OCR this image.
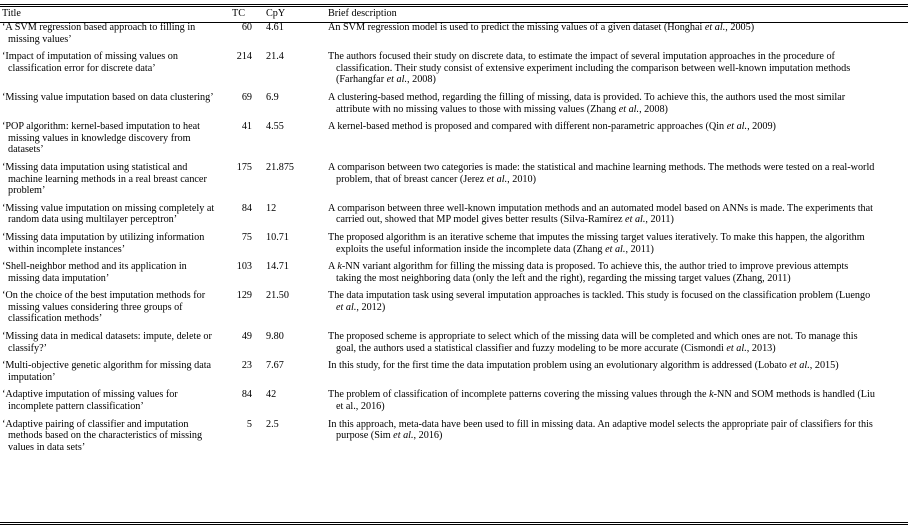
Title	TC		CpY	Brief description

‘A SVM regression based approach to filling in missing values’	60		4.61	An SVM regression model is used to predict the missing values of a given dataset (Honghai et al., 2005)

‘Impact of imputation of missing values on classification error for discrete data’	214		21.4	The authors focused their study on discrete data, to estimate the impact of several imputation approaches in the procedure of classification. Their study consist of extensive experiment including the comparison between well-known imputation methods (Farhangfar et al., 2008)

‘Missing value imputation based on data clustering’	69		6.9	A clustering-based method, regarding the filling of missing, data is provided. To achieve this, the authors used the most similar attribute with no missing values to those with missing values (Zhang et al., 2008)

‘POP algorithm: kernel-based imputation to heat missing values in knowledge discovery from datasets’	41		4.55	A kernel-based method is proposed and compared with different non-parametric approaches (Qin et al., 2009)

‘Missing data imputation using statistical and machine learning methods in a real breast cancer problem’	175		21.875	A comparison between two categories is made: the statistical and machine learning methods. The methods were tested on a real-world problem, that of breast cancer (Jerez et al., 2010)

‘Missing value imputation on missing completely at random data using multilayer perceptron’	84		12	A comparison between three well-known imputation methods and an automated model based on ANNs is made. The experiments that carried out, showed that MP model gives better results (Silva-Ramírez et al., 2011)

‘Missing data imputation by utilizing information within incomplete instances’	75		10.71	The proposed algorithm is an iterative scheme that imputes the missing target values iteratively. To make this happen, the algorithm exploits the useful information inside the incomplete data (Zhang et al., 2011)

‘Shell-neighbor method and its application in missing data imputation’	103		14.71	A k-NN variant algorithm for filling the missing data is proposed. To achieve this, the author tried to improve previous attempts taking the most neighboring data (only the left and the right), regarding the missing target values (Zhang, 2011)

‘On the choice of the best imputation methods for missing values considering three groups of classification methods’	129		21.50	The data imputation task using several imputation approaches is tackled. This study is focused on the classification problem (Luengo et al., 2012)

‘Missing data in medical datasets: impute, delete or classify?’	49		9.80	The proposed scheme is appropriate to select which of the missing data will be completed and which ones are not. To manage this goal, the authors used a statistical classifier and fuzzy modeling to be more accurate (Cismondi et al., 2013)

‘Multi-objective genetic algorithm for missing data imputation’	23		7.67	In this study, for the first time the data imputation problem using an evolutionary algorithm is addressed (Lobato et al., 2015)

‘Adaptive imputation of missing values for incomplete pattern classification’	84		42	The problem of classification of incomplete patterns covering the missing values through the k-NN and SOM methods is handled (Liu et al., 2016)

‘Adaptive pairing of classifier and imputation methods based on the characteristics of missing values in data sets’	5		2.5	In this approach, meta-data have been used to fill in missing data. An adaptive model selects the appropriate pair of classifiers for this purpose (Sim et al., 2016)
